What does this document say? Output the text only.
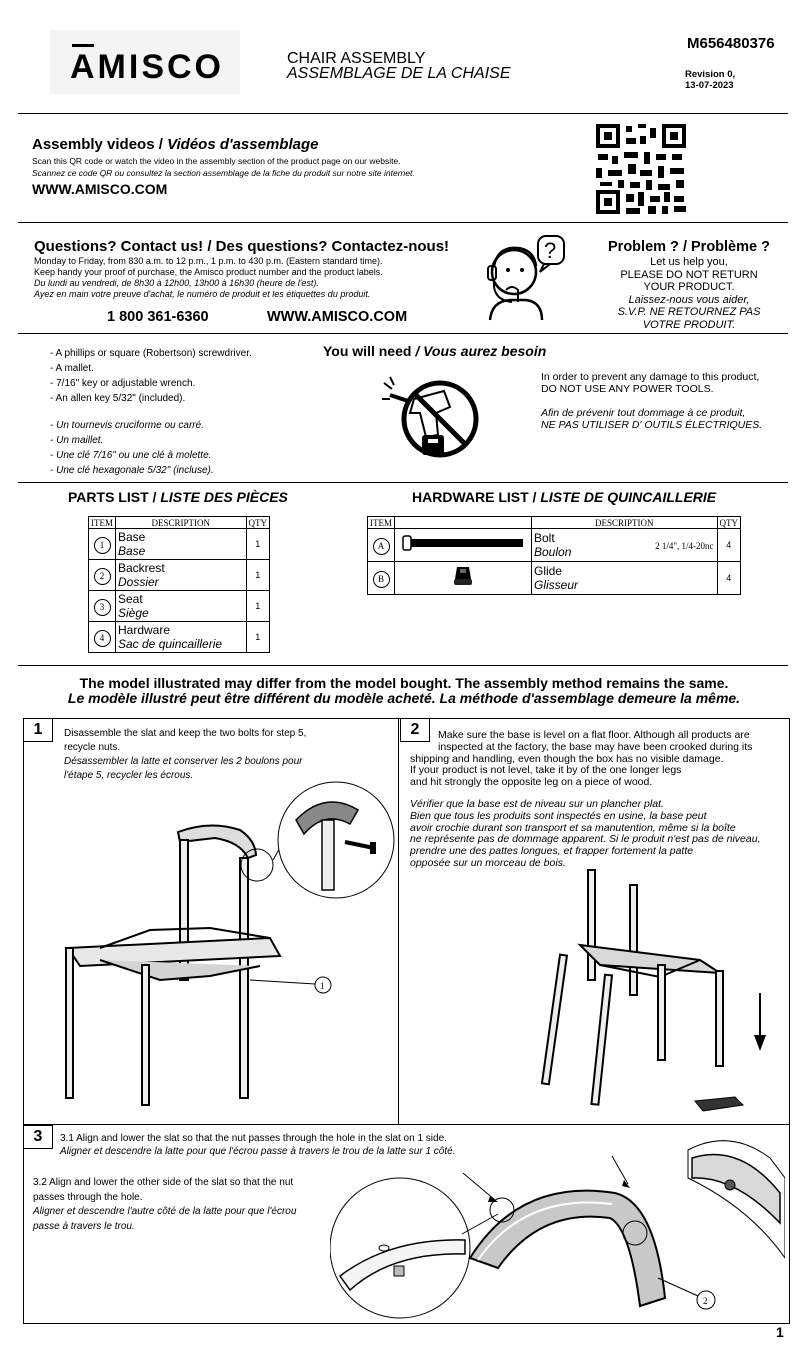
AMISCO	CHAIR ASSEMBLY
ASSEMBLAGE DE LA CHAISE
M656480376
Revision 0,
13-07-2023
Assembly videos / Vidéos d'assemblage
Scan this QR code or watch the video in the assembly section of the product page on our website.
Scannez ce code QR ou consultez la section assemblage de la fiche du produit sur notre site internet.
WWW.AMISCO.COM
Questions? Contact us! / Des questions? Contactez-nous!
Monday to Friday, from 830 a.m. to 12 p.m., 1 p.m. to 430 p.m. (Eastern standard time).
Keep handy your proof of purchase, the Amisco product number and the product labels.
Du lundi au vendredi, de 8h30 à 12h00, 13h00 à 16h30 (heure de l'est).
Ayez en main votre preuve d'achat, le numéro de produit et les étiquettes du produit.
1 800 361-6360	WWW.AMISCO.COM
?	Problem ? / Problème ?
Let us help you,
PLEASE DO NOT RETURN
YOUR PRODUCT.
Laissez-nous vous aider,
S.V.P. NE RETOURNEZ PAS
VOTRE PRODUIT.
- A phillips or square (Robertson) screwdriver.
- A mallet.
- 7/16" key or adjustable wrench.
- An allen key 5/32" (included).
- Un tournevis cruciforme ou carré.
- Un maillet.
- Une clé 7/16" ou une clé à molette.
- Une clé hexagonale 5/32" (incluse).
You will need / Vous aurez besoin
In order to prevent any damage to this product,
DO NOT USE ANY POWER TOOLS.
Afin de prévenir tout dommage à ce produit,
NE PAS UTILISER D' OUTILS ÉLECTRIQUES.
PARTS LIST / LISTE DES PIÈCES
ITEM	DESCRIPTION	QTY
1	Base
Base	1
2	Backrest
Dossier	1
3	Seat
Siège	1
4	Hardware
Sac de quincaillerie	1
HARDWARE LIST / LISTE DE QUINCAILLERIE
ITEM		DESCRIPTION	QTY
A		Bolt
Boulon 2 1/4", 1/4-20nc	4
B		Glide
Glisseur	4
The model illustrated may differ from the model bought. The assembly method remains the same.
Le modèle illustré peut être différent du modèle acheté. La méthode d'assemblage demeure la même.
1	Disassemble the slat and keep the two bolts for step 5,
recycle nuts.
Désassembler la latte et conserver les 2 boulons pour
l'étape 5, recycler les écrous.
1
2	Make sure the base is level on a flat floor. Although all products are
inspected at the factory, the base may have been crooked during its
shipping and handling, even though the box has no visible damage.
If your product is not level, take it by of the one longer legs
and hit strongly the opposite leg on a piece of wood.
Vérifier que la base est de niveau sur un plancher plat.
Bien que tous les produits sont inspectés en usine, la base peut
avoir crochie durant son transport et sa manutention, même si la boîte
ne représente pas de dommage apparent. Si le produit n'est pas de niveau,
prendre une des pattes longues, et frapper fortement la patte
opposée sur un morceau de bois.
3	3.1 Align and lower the slat so that the nut passes through the hole in the slat on 1 side.
Aligner et descendre la latte pour que l'écrou passe à travers le trou de la latte sur 1 côté.
3.2 Align and lower the other side of the slat so that the nut
passes through the hole.
Aligner et descendre l'autre côté de la latte pour que l'écrou
passe à travers le trou.
2
1
